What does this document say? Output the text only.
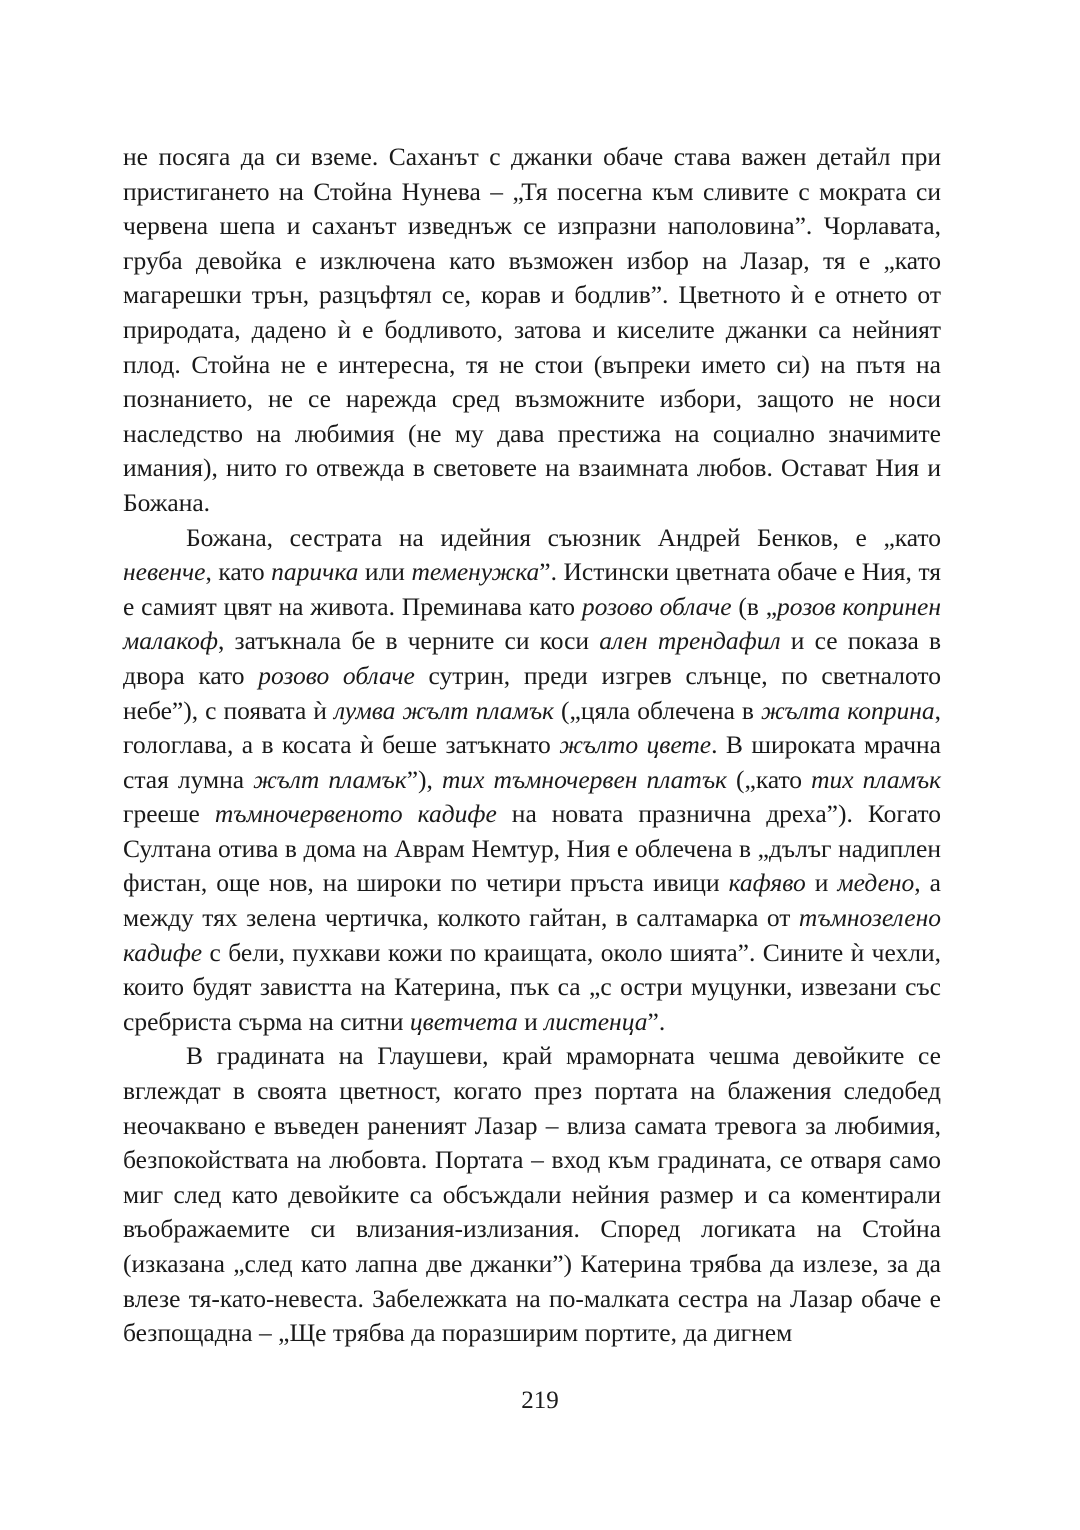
не посяга да си вземе. Саханът с джанки обаче става важен детайл при пристигането на Стойна Нунева – „Тя посегна към сливите с мократа си червена шепа и саханът изведнъж се изпразни наполовина”. Чорлавата, груба девойка е изключена като възможен избор на Лазар, тя е „като магарешки трън, разцъфтял се, корав и бодлив”. Цветното ѝ е отнето от природата, дадено ѝ е бодливото, затова и киселите джанки са нейният плод. Стойна не е интересна, тя не стои (въпреки името си) на пътя на познанието, не се нарежда сред възможните избори, защото не носи наследство на любимия (не му дава престижа на социално значимите имания), нито го отвежда в световете на взаимната любов. Остават Ния и Божана.

Божана, сестрата на идейния съюзник Андрей Бенков, е „като невенче, като паричка или теменужка”. Истински цветната обаче е Ния, тя е самият цвят на живота. Преминава като розово облаче (в „розов копринен малакоф, затъкнала бе в черните си коси ален трендафил и се показа в двора като розово облаче сутрин, преди изгрев слънце, по светналото небе”), с появата ѝ лумва жълт пламък („цяла облечена в жълта коприна, гологлава, а в косата ѝ беше затъкнато жълто цвете. В широката мрачна стая лумна жълт пламък”), тих тъмночервен плаmък („като тих пламък грееше тъмночервеното кадифе на новата празнична дреха”). Когато Султана отива в дома на Аврам Немтур, Ния е облечена в „дълъг надиплен фистан, още нов, на широки по четири пръста ивици кафяво и медено, а между тях зелена чертичка, колкото гайтан, в салтамарка от тъмнозелено кадифе с бели, пухкави кожи по краищата, около шията”. Сините ѝ чехли, които будят завистта на Катерина, пък са „с остри муцунки, извезани със сребриста сърма на ситни цветчета и листенца”.

В градината на Глаушеви, край мраморната чешма девойките се вглеждат в своята цветност, когато през портата на блажения следобед неочаквано е въведен раненият Лазар – влиза самата тревога за любимия, безпокойствата на любовта. Портата – вход към градината, се отваря само миг след като девойките са обсъждали нейния размер и са коментирали въображаемите си влизания-излизания. Според логиката на Стойна (изказана „след като лапна две джанки”) Катерина трябва да излезе, за да влезе тя-като-невеста. Забележката на по-малката сестра на Лазар обаче е безпощадна – „Ще трябва да поразширим портите, да дигнем

219
